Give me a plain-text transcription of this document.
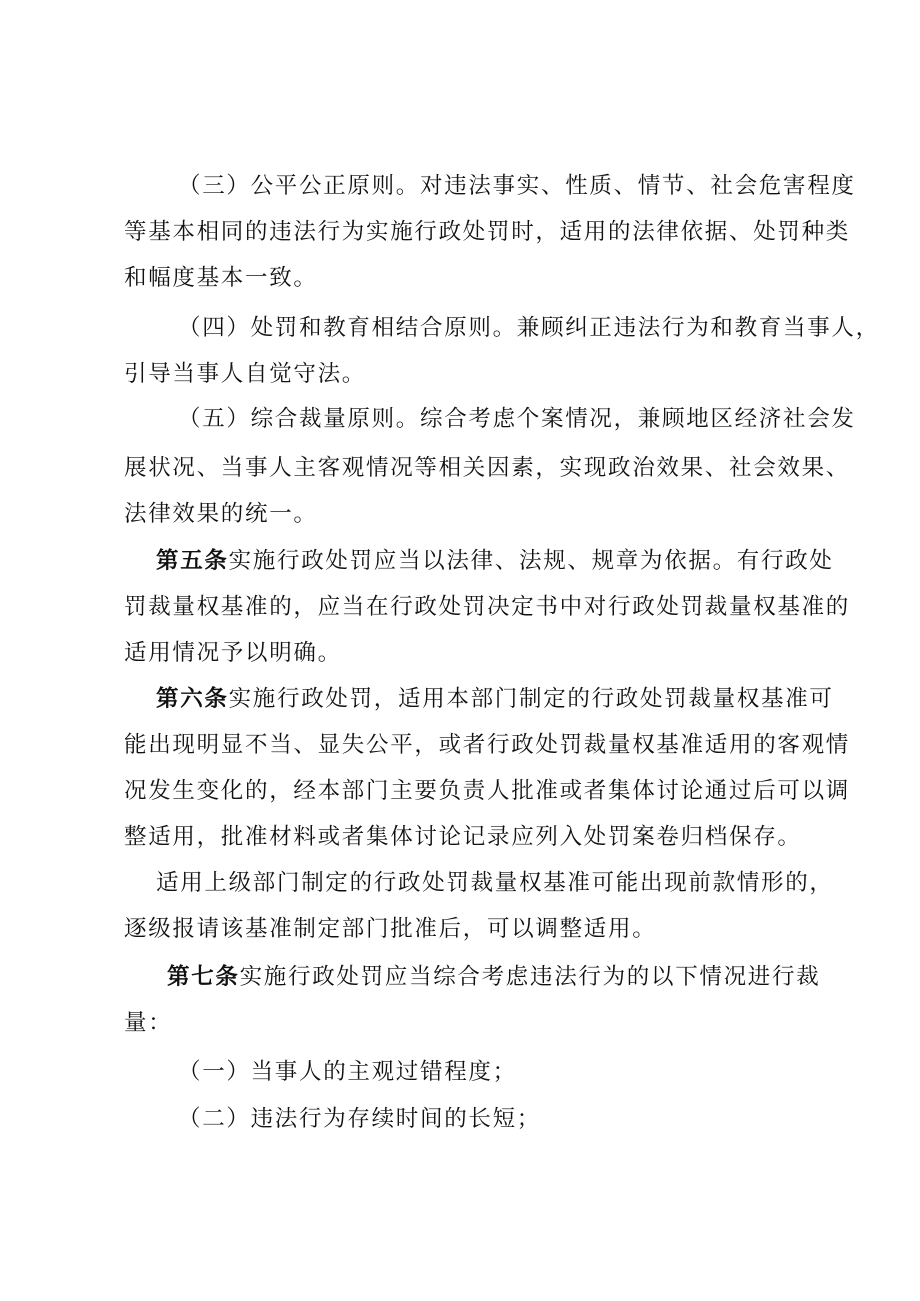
（三）公平公正原则。对违法事实、性质、情节、社会危害程度
等基本相同的违法行为实施行政处罚时，适用的法律依据、处罚种类
和幅度基本一致。
（四）处罚和教育相结合原则。兼顾纠正违法行为和教育当事人，
引导当事人自觉守法。
（五）综合裁量原则。综合考虑个案情况，兼顾地区经济社会发
展状况、当事人主客观情况等相关因素，实现政治效果、社会效果、
法律效果的统一。
第五条实施行政处罚应当以法律、法规、规章为依据。有行政处
罚裁量权基准的，应当在行政处罚决定书中对行政处罚裁量权基准的
适用情况予以明确。
第六条实施行政处罚，适用本部门制定的行政处罚裁量权基准可
能出现明显不当、显失公平，或者行政处罚裁量权基准适用的客观情
况发生变化的，经本部门主要负责人批准或者集体讨论通过后可以调
整适用，批准材料或者集体讨论记录应列入处罚案卷归档保存。
适用上级部门制定的行政处罚裁量权基准可能出现前款情形的，
逐级报请该基准制定部门批准后，可以调整适用。
第七条实施行政处罚应当综合考虑违法行为的以下情况进行裁
量：
（一）当事人的主观过错程度；
（二）违法行为存续时间的长短；
